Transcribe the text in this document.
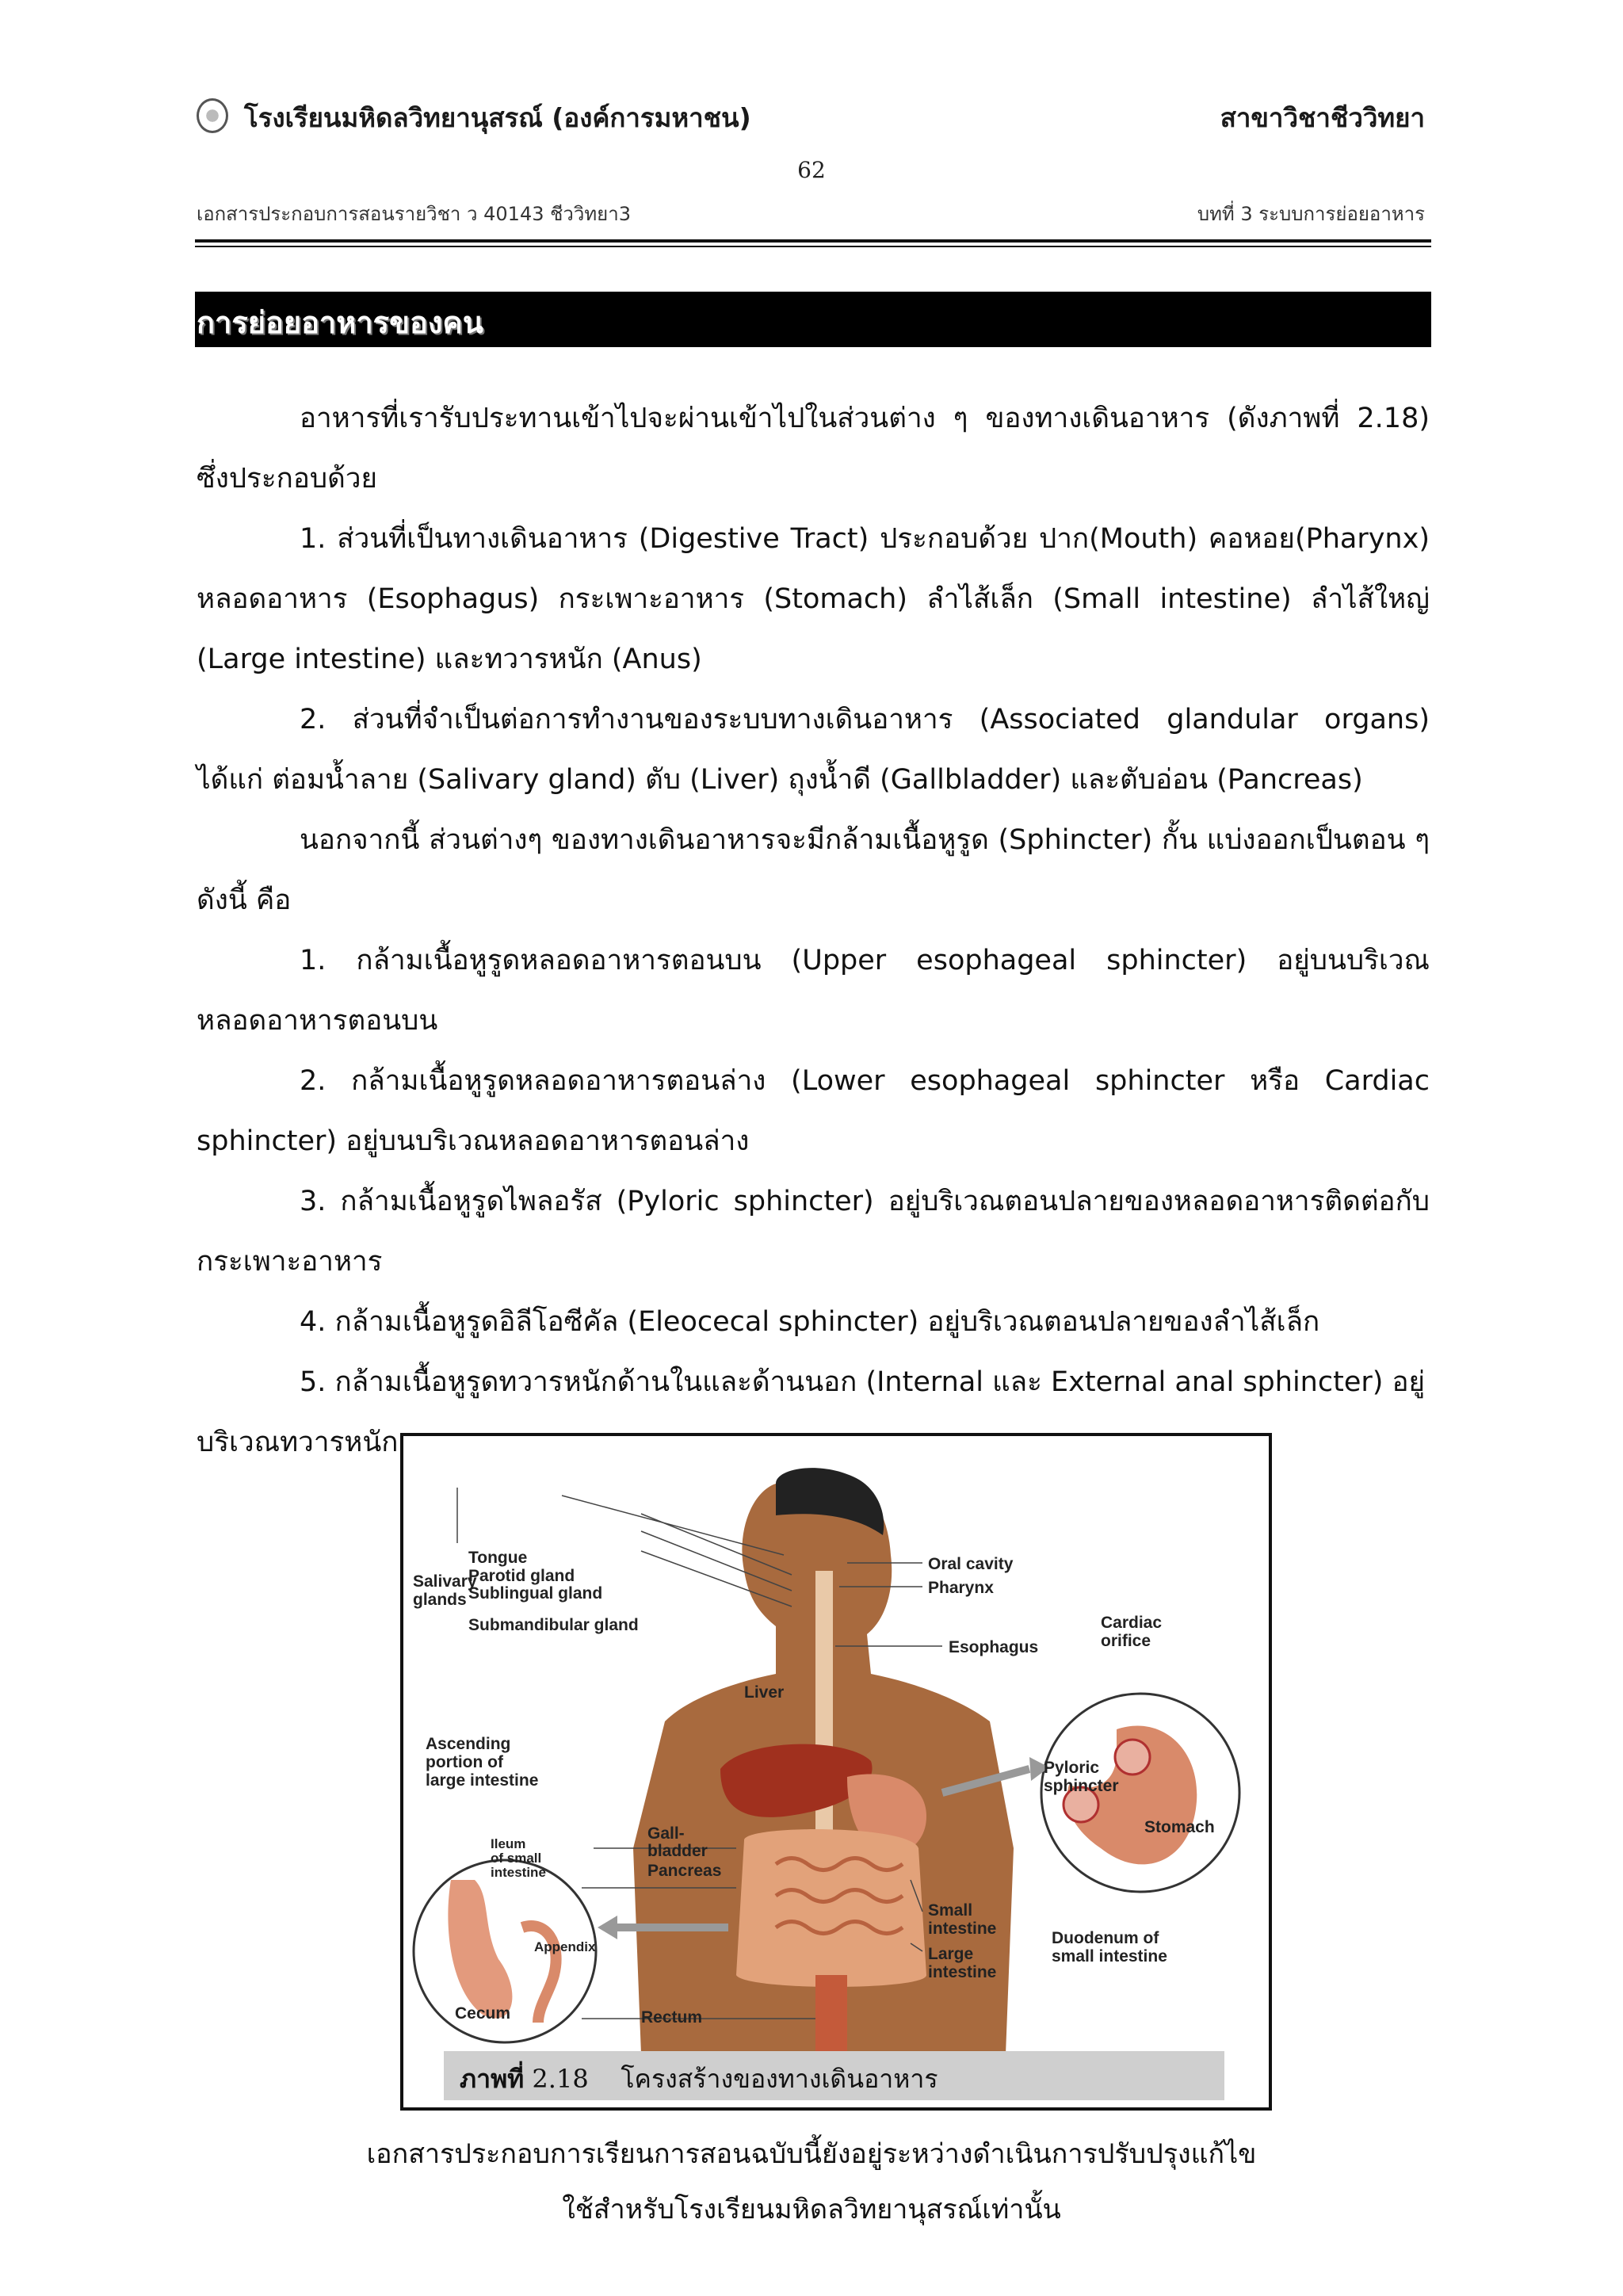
โรงเรียนมหิดลวิทยานุสรณ์ (องค์การมหาชน)	สาขาวิชาชีววิทยา
62
เอกสารประกอบการสอนรายวิชา ว 40143 ชีววิทยา3	บทที่ 3 ระบบการย่อยอาหาร
การย่อยอาหารของคน

อาหารที่เรารับประทานเข้าไปจะผ่านเข้าไปในส่วนต่าง ๆ ของทางเดินอาหาร (ดังภาพที่ 2.18) ซึ่งประกอบด้วย

1. ส่วนที่เป็นทางเดินอาหาร (Digestive Tract) ประกอบด้วย ปาก(Mouth) คอหอย(Pharynx) หลอดอาหาร (Esophagus) กระเพาะอาหาร (Stomach) ลำไส้เล็ก (Small intestine) ลำไส้ใหญ่ (Large intestine) และทวารหนัก (Anus)

2. ส่วนที่จำเป็นต่อการทำงานของระบบทางเดินอาหาร (Associated glandular organs) ได้แก่ ต่อมน้ำลาย (Salivary gland) ตับ (Liver) ถุงน้ำดี (Gallbladder) และตับอ่อน (Pancreas)

นอกจากนี้ ส่วนต่างๆ ของทางเดินอาหารจะมีกล้ามเนื้อหูรูด (Sphincter) กั้น แบ่งออกเป็นตอน ๆ ดังนี้ คือ

1. กล้ามเนื้อหูรูดหลอดอาหารตอนบน (Upper esophageal sphincter) อยู่บนบริเวณหลอดอาหารตอนบน

2. กล้ามเนื้อหูรูดหลอดอาหารตอนล่าง (Lower esophageal sphincter หรือ Cardiac sphincter) อยู่บนบริเวณหลอดอาหารตอนล่าง

3. กล้ามเนื้อหูรูดไพลอรัส (Pyloric sphincter) อยู่บริเวณตอนปลายของหลอดอาหารติดต่อกับกระเพาะอาหาร

4. กล้ามเนื้อหูรูดอิลีโอซีคัล (Eleocecal sphincter) อยู่บริเวณตอนปลายของลำไส้เล็ก

5. กล้ามเนื้อหูรูดทวารหนักด้านในและด้านนอก (Internal และ External anal sphincter) อยู่

บริเวณทวารหนัก

Tongue
Parotid gland
Sublingual gland
Submandibular gland
Salivary
glands
Oral cavity
Pharynx
Cardiac
orifice
Esophagus
Liver
Ascending
portion of
large intestine
Ileum
of small
intestine
Gall-
bladder
Pancreas
Pyloric
sphincter
Stomach
Small
intestine
Large
intestine
Duodenum of
small intestine
Appendix
Cecum	Rectum
ภาพที่ 2.18 โครงสร้างของทางเดินอาหาร
เอกสารประกอบการเรียนการสอนฉบับนี้ยังอยู่ระหว่างดำเนินการปรับปรุงแก้ไข
ใช้สำหรับโรงเรียนมหิดลวิทยานุสรณ์เท่านั้น
